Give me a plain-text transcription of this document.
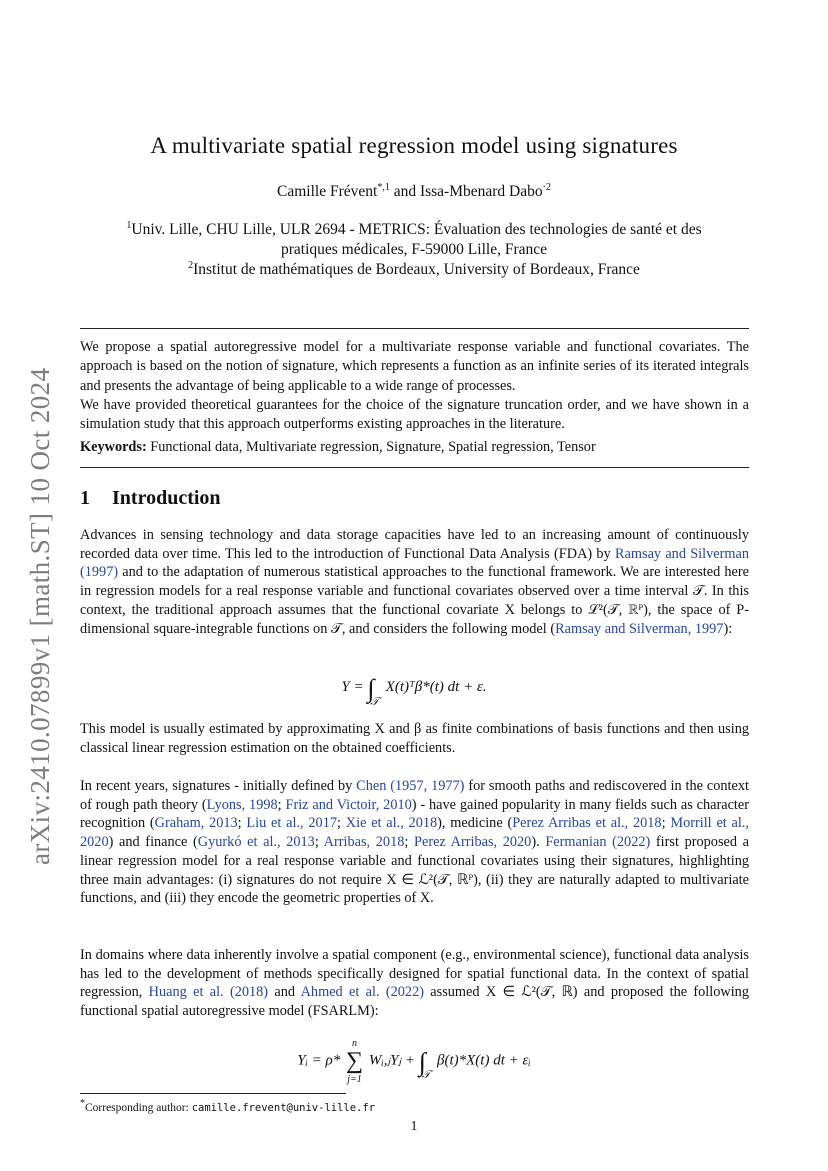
arXiv:2410.07899v1 [math.ST] 10 Oct 2024
A multivariate spatial regression model using signatures
Camille Frévent$^{*,1}$ and Issa-Mbenard Dabo$^{\cdot 2}$
$^1$Univ. Lille, CHU Lille, ULR 2694 - METRICS: Évaluation des technologies de santé et des
pratiques médicales, F-59000 Lille, France
$^2$Institut de mathématiques de Bordeaux, University of Bordeaux, France
We propose a spatial autoregressive model for a multivariate response variable and functional covariates. The approach is based on the notion of signature, which represents a function as an infinite series of its iterated integrals and presents the advantage of being applicable to a wide range of processes.
We have provided theoretical guarantees for the choice of the signature truncation order, and we have shown in a simulation study that this approach outperforms existing approaches in the literature.
Keywords: Functional data, Multivariate regression, Signature, Spatial regression, Tensor
1 Introduction
Advances in sensing technology and data storage capacities have led to an increasing amount of continuously recorded data over time. This led to the introduction of Functional Data Analysis (FDA) by Ramsay and Silverman (1997) and to the adaptation of numerous statistical approaches to the functional framework. We are interested here in regression models for a real response variable and functional covariates observed over a time interval 𝒯. In this context, the traditional approach assumes that the functional covariate X belongs to ℒ²(𝒯, ℝᴾ), the space of P-dimensional square-integrable functions on 𝒯, and considers the following model (Ramsay and Silverman, 1997):
$Y = \int_𝒯$ X(t)ᵀβ*(t) dt + ε.
This model is usually estimated by approximating X and β as finite combinations of basis functions and then using classical linear regression estimation on the obtained coefficients.
In recent years, signatures - initially defined by Chen (1957, 1977) for smooth paths and rediscovered in the context of rough path theory (Lyons, 1998; Friz and Victoir, 2010) - have gained popularity in many fields such as character recognition (Graham, 2013; Liu et al., 2017; Xie et al., 2018), medicine (Perez Arribas et al., 2018; Morrill et al., 2020) and finance (Gyurkó et al., 2013; Arribas, 2018; Perez Arribas, 2020). Fermanian (2022) first proposed a linear regression model for a real response variable and functional covariates using their signatures, highlighting three main advantages: (i) signatures do not require X ∈ ℒ²(𝒯, ℝᴾ), (ii) they are naturally adapted to multivariate functions, and (iii) they encode the geometric properties of X.
In domains where data inherently involve a spatial component (e.g., environmental science), functional data analysis has led to the development of methods specifically designed for spatial functional data. In the context of spatial regression, Huang et al. (2018) and Ahmed et al. (2022) assumed X ∈ ℒ²(𝒯, ℝ) and proposed the following functional spatial autoregressive model (FSARLM):
Yᵢ = ρ* n
∑
j=1 Wᵢ,ⱼYⱼ + $\int_𝒯$ β(t)*X(t) dt + εᵢ
*Corresponding author: camille.frevent@univ-lille.fr
1
